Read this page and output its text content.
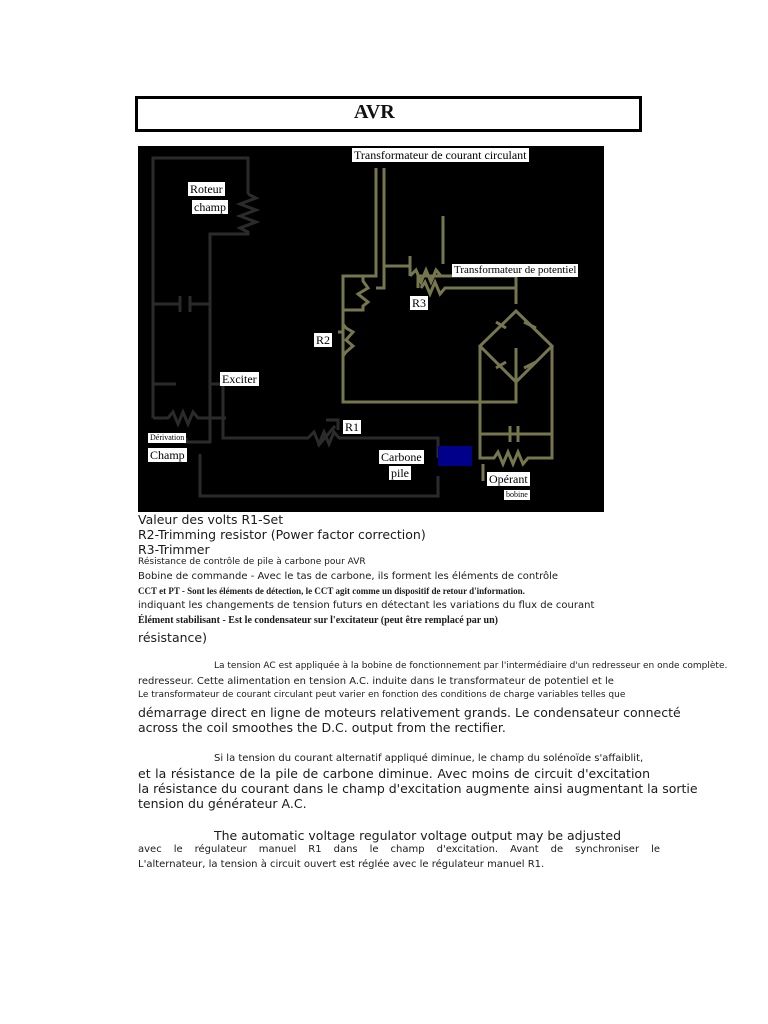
AVR
Transformateur de courant circulant
Roteur
champ
Transformateur de potentiel
R3
R2
Exciter
R1
Dérivation
Champ	Carbone
pile	Opérant
bobine
Valeur des volts R1-Set
R2-Trimming resistor (Power factor correction)
R3-Trimmer
Résistance de contrôle de pile à carbone pour AVR
Bobine de commande - Avec le tas de carbone, ils forment les éléments de contrôle
CCT et PT - Sont les éléments de détection, le CCT agit comme un dispositif de retour d'information.
indiquant les changements de tension futurs en détectant les variations du flux de courant
Élément stabilisant - Est le condensateur sur l'excitateur (peut être remplacé par un)
résistance)
La tension AC est appliquée à la bobine de fonctionnement par l'intermédiaire d'un redresseur en onde complète.
redresseur. Cette alimentation en tension A.C. induite dans le transformateur de potentiel et le
Le transformateur de courant circulant peut varier en fonction des conditions de charge variables telles que
démarrage direct en ligne de moteurs relativement grands. Le condensateur connecté
across the coil smoothes the D.C. output from the rectifier.
Si la tension du courant alternatif appliqué diminue, le champ du solénoïde s'affaiblit,
et la résistance de la pile de carbone diminue. Avec moins de circuit d'excitation
la résistance du courant dans le champ d'excitation augmente ainsi augmentant la sortie
tension du générateur A.C.
The automatic voltage regulator voltage output may be adjusted
avec le régulateur manuel R1 dans le champ d'excitation. Avant de synchroniser le
L'alternateur, la tension à circuit ouvert est réglée avec le régulateur manuel R1.
